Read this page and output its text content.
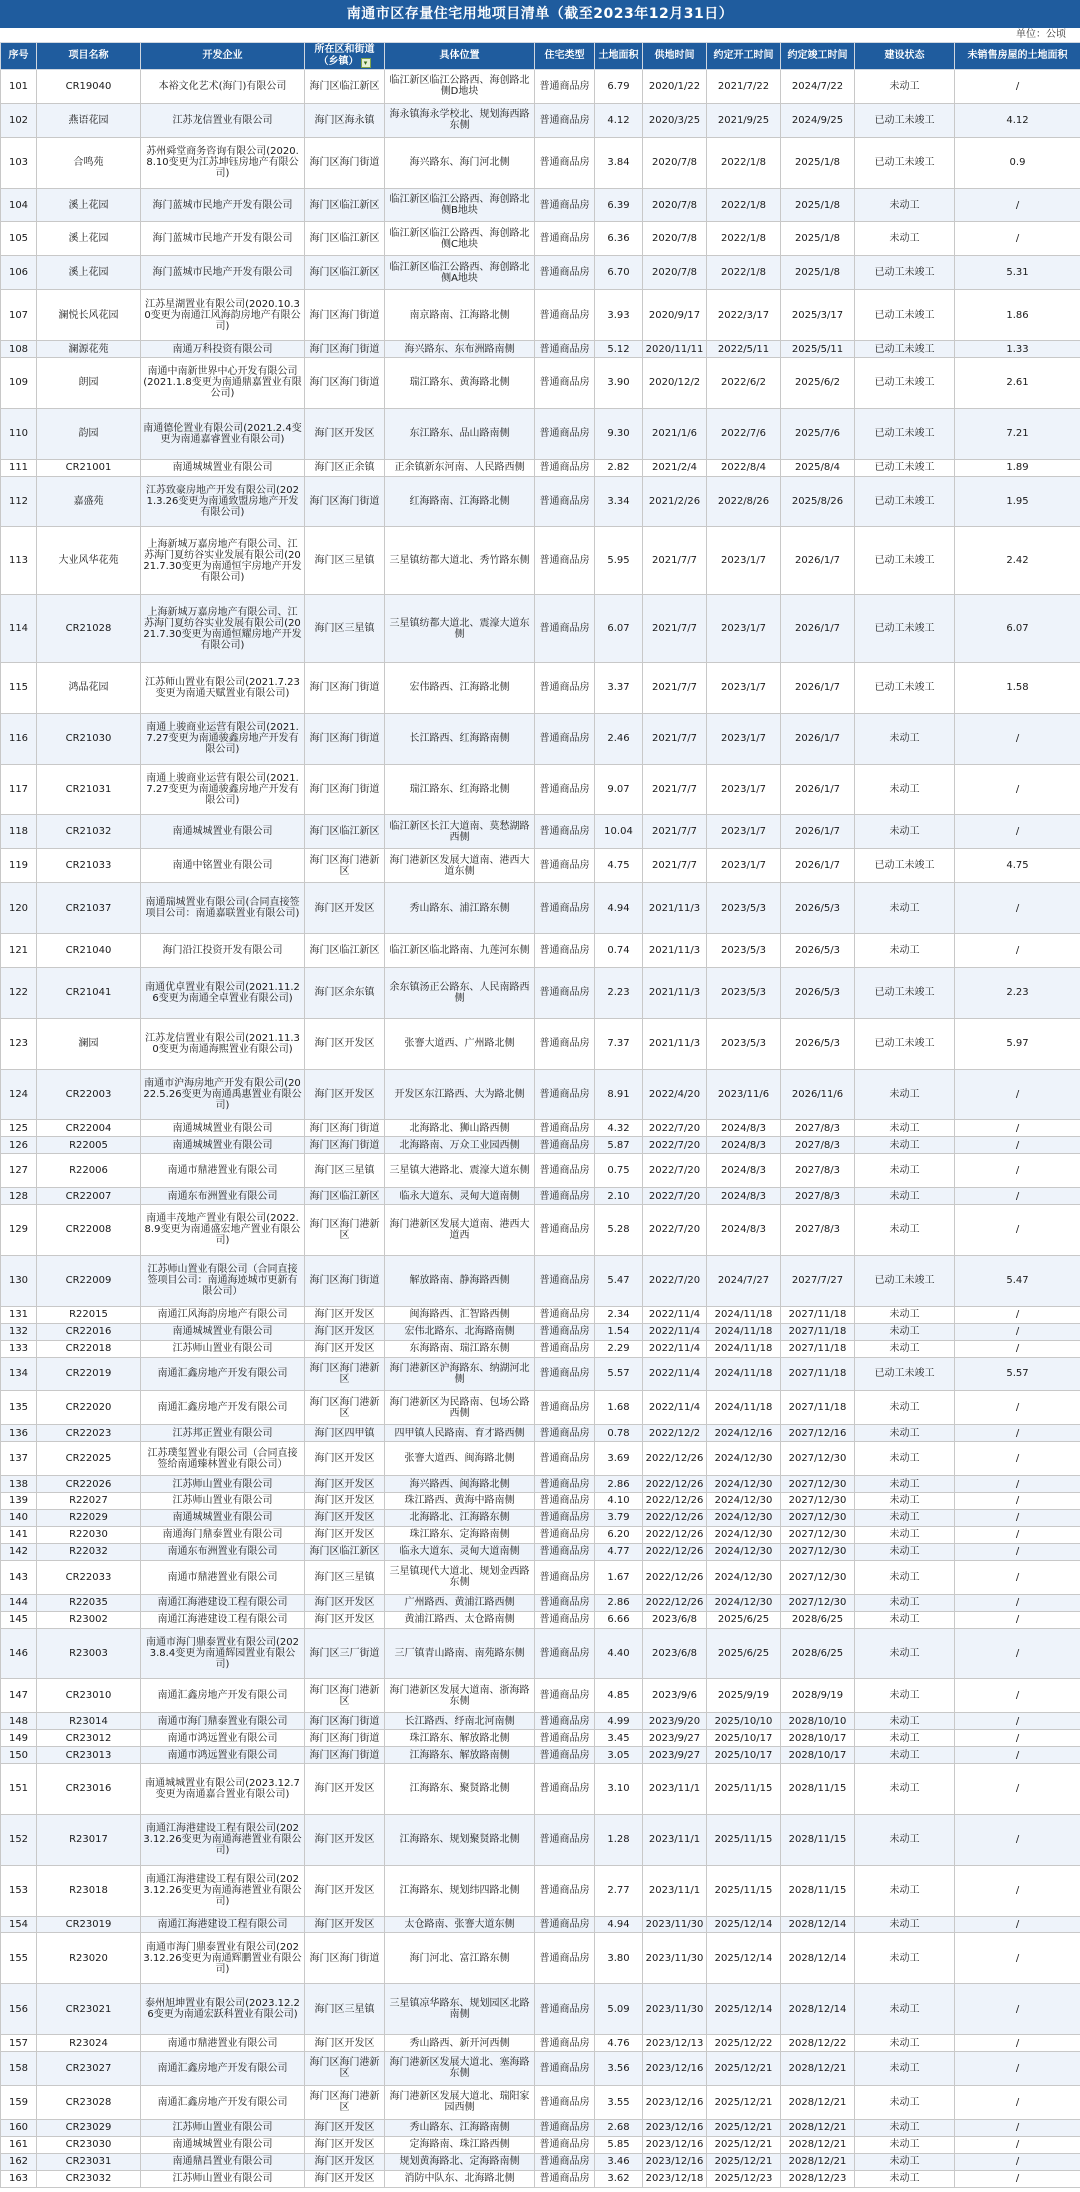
南通市区存量住宅用地项目清单（截至2023年12月31日）
单位：公顷
序号	项目名称	开发企业	所在区和街道（乡镇） ▾	具体位置	住宅类型	土地面积	供地时间	约定开工时间	约定竣工时间	建设状态	未销售房屋的土地面积
101	CR19040	本裕文化艺术(海门)有限公司	海门区临江新区	临江新区临江公路西、海创路北侧D地块	普通商品房	6.79	2020/1/22	2021/7/22	2024/7/22	未动工	/
102	燕语花园	江苏龙信置业有限公司	海门区海永镇	海永镇海永学校北、规划海西路东侧	普通商品房	4.12	2020/3/25	2021/9/25	2024/9/25	已动工未竣工	4.12
103	合鸣苑	苏州舜堂商务咨询有限公司(2020.8.10变更为江苏坤钰房地产有限公司)	海门区海门街道	海兴路东、海门河北侧	普通商品房	3.84	2020/7/8	2022/1/8	2025/1/8	已动工未竣工	0.9
104	溪上花园	海门蓝城市民地产开发有限公司	海门区临江新区	临江新区临江公路西、海创路北侧B地块	普通商品房	6.39	2020/7/8	2022/1/8	2025/1/8	未动工	/
105	溪上花园	海门蓝城市民地产开发有限公司	海门区临江新区	临江新区临江公路西、海创路北侧C地块	普通商品房	6.36	2020/7/8	2022/1/8	2025/1/8	未动工	/
106	溪上花园	海门蓝城市民地产开发有限公司	海门区临江新区	临江新区临江公路西、海创路北侧A地块	普通商品房	6.70	2020/7/8	2022/1/8	2025/1/8	已动工未竣工	5.31
107	澜悦长风花园	江苏星湖置业有限公司(2020.10.30变更为南通江风海韵房地产有限公司)	海门区海门街道	南京路南、江海路北侧	普通商品房	3.93	2020/9/17	2022/3/17	2025/3/17	已动工未竣工	1.86
108	澜源花苑	南通万科投资有限公司	海门区海门街道	海兴路东、东布洲路南侧	普通商品房	5.12	2020/11/11	2022/5/11	2025/5/11	已动工未竣工	1.33
109	朗园	南通中南新世界中心开发有限公司(2021.1.8变更为南通鼎嘉置业有限公司)	海门区海门街道	瑞江路东、黄海路北侧	普通商品房	3.90	2020/12/2	2022/6/2	2025/6/2	已动工未竣工	2.61
110	韵园	南通德伦置业有限公司(2021.2.4变更为南通嘉睿置业有限公司)	海门区开发区	东江路东、品山路南侧	普通商品房	9.30	2021/1/6	2022/7/6	2025/7/6	已动工未竣工	7.21
111	CR21001	南通城城置业有限公司	海门区正余镇	正余镇新东河南、人民路西侧	普通商品房	2.82	2021/2/4	2022/8/4	2025/8/4	已动工未竣工	1.89
112	嘉盛苑	江苏致豪房地产开发有限公司(2021.3.26变更为南通致盟房地产开发有限公司)	海门区海门街道	红海路南、江海路北侧	普通商品房	3.34	2021/2/26	2022/8/26	2025/8/26	已动工未竣工	1.95
113	大业风华花苑	上海新城万嘉房地产有限公司、江苏海门夏纺谷实业发展有限公司(2021.7.30变更为南通恒宇房地产开发有限公司)	海门区三星镇	三星镇纺都大道北、秀竹路东侧	普通商品房	5.95	2021/7/7	2023/1/7	2026/1/7	已动工未竣工	2.42
114	CR21028	上海新城万嘉房地产有限公司、江苏海门夏纺谷实业发展有限公司(2021.7.30变更为南通恒耀房地产开发有限公司)	海门区三星镇	三星镇纺都大道北、震濠大道东侧	普通商品房	6.07	2021/7/7	2023/1/7	2026/1/7	已动工未竣工	6.07
115	鸿晶花园	江苏师山置业有限公司(2021.7.23变更为南通天赋置业有限公司)	海门区海门街道	宏伟路西、江海路北侧	普通商品房	3.37	2021/7/7	2023/1/7	2026/1/7	已动工未竣工	1.58
116	CR21030	南通上骏商业运营有限公司(2021.7.27变更为南通骏鑫房地产开发有限公司)	海门区海门街道	长江路西、红海路南侧	普通商品房	2.46	2021/7/7	2023/1/7	2026/1/7	未动工	/
117	CR21031	南通上骏商业运营有限公司(2021.7.27变更为南通骏鑫房地产开发有限公司)	海门区海门街道	瑞江路东、红海路北侧	普通商品房	9.07	2021/7/7	2023/1/7	2026/1/7	未动工	/
118	CR21032	南通城城置业有限公司	海门区临江新区	临江新区长江大道南、莫愁湖路西侧	普通商品房	10.04	2021/7/7	2023/1/7	2026/1/7	未动工	/
119	CR21033	南通中铭置业有限公司	海门区海门港新区	海门港新区发展大道南、港西大道东侧	普通商品房	4.75	2021/7/7	2023/1/7	2026/1/7	已动工未竣工	4.75
120	CR21037	南通瑞城置业有限公司(合同直接签项目公司：南通嘉联置业有限公司)	海门区开发区	秀山路东、浦江路东侧	普通商品房	4.94	2021/11/3	2023/5/3	2026/5/3	未动工	/
121	CR21040	海门沿江投资开发有限公司	海门区临江新区	临江新区临北路南、九莲河东侧	普通商品房	0.74	2021/11/3	2023/5/3	2026/5/3	未动工	/
122	CR21041	南通优卓置业有限公司(2021.11.26变更为南通全卓置业有限公司)	海门区余东镇	余东镇汤正公路东、人民南路西侧	普通商品房	2.23	2021/11/3	2023/5/3	2026/5/3	已动工未竣工	2.23
123	澜园	江苏龙信置业有限公司(2021.11.30变更为南通海熙置业有限公司)	海门区开发区	张謇大道西、广州路北侧	普通商品房	7.37	2021/11/3	2023/5/3	2026/5/3	已动工未竣工	5.97
124	CR22003	南通市沪海房地产开发有限公司(2022.5.26变更为南通禹惠置业有限公司)	海门区开发区	开发区东江路西、大为路北侧	普通商品房	8.91	2022/4/20	2023/11/6	2026/11/6	未动工	/
125	CR22004	南通城城置业有限公司	海门区海门街道	北海路北、狮山路西侧	普通商品房	4.32	2022/7/20	2024/8/3	2027/8/3	未动工	/
126	R22005	南通城城置业有限公司	海门区海门街道	北海路南、万众工业园西侧	普通商品房	5.87	2022/7/20	2024/8/3	2027/8/3	未动工	/
127	R22006	南通市鼎港置业有限公司	海门区三星镇	三星镇大港路北、震濠大道东侧	普通商品房	0.75	2022/7/20	2024/8/3	2027/8/3	未动工	/
128	CR22007	南通东布洲置业有限公司	海门区临江新区	临永大道东、灵甸大道南侧	普通商品房	2.10	2022/7/20	2024/8/3	2027/8/3	未动工	/
129	CR22008	南通丰茂地产置业有限公司(2022.8.9变更为南通盛宏地产置业有限公司)	海门区海门港新区	海门港新区发展大道南、港西大道西	普通商品房	5.28	2022/7/20	2024/8/3	2027/8/3	未动工	/
130	CR22009	江苏师山置业有限公司（合同直接签项目公司：南通海迹城市更新有限公司）	海门区海门街道	解放路南、静海路西侧	普通商品房	5.47	2022/7/20	2024/7/27	2027/7/27	已动工未竣工	5.47
131	R22015	南通江风海韵房地产有限公司	海门区开发区	闽海路西、汇智路西侧	普通商品房	2.34	2022/11/4	2024/11/18	2027/11/18	未动工	/
132	CR22016	南通城城置业有限公司	海门区开发区	宏伟北路东、北海路南侧	普通商品房	1.54	2022/11/4	2024/11/18	2027/11/18	未动工	/
133	CR22018	江苏师山置业有限公司	海门区开发区	东海路南、瑞江路东侧	普通商品房	2.29	2022/11/4	2024/11/18	2027/11/18	未动工	/
134	CR22019	南通汇鑫房地产开发有限公司	海门区海门港新区	海门港新区沪海路东、纳湖河北侧	普通商品房	5.57	2022/11/4	2024/11/18	2027/11/18	已动工未竣工	5.57
135	CR22020	南通汇鑫房地产开发有限公司	海门区海门港新区	海门港新区为民路南、包场公路西侧	普通商品房	1.68	2022/11/4	2024/11/18	2027/11/18	未动工	/
136	CR22023	江苏邦正置业有限公司	海门区四甲镇	四甲镇人民路南、育才路西侧	普通商品房	0.78	2022/12/2	2024/12/16	2027/12/16	未动工	/
137	CR22025	江苏璞玺置业有限公司（合同直接签给南通臻林置业有限公司）	海门区开发区	张謇大道西、闽海路北侧	普通商品房	3.69	2022/12/26	2024/12/30	2027/12/30	未动工	/
138	CR22026	江苏师山置业有限公司	海门区开发区	海兴路西、闽海路北侧	普通商品房	2.86	2022/12/26	2024/12/30	2027/12/30	未动工	/
139	R22027	江苏师山置业有限公司	海门区开发区	珠江路西、黄海中路南侧	普通商品房	4.10	2022/12/26	2024/12/30	2027/12/30	未动工	/
140	R22029	南通城城置业有限公司	海门区开发区	北海路北、江海路东侧	普通商品房	3.79	2022/12/26	2024/12/30	2027/12/30	未动工	/
141	R22030	南通海门鼎泰置业有限公司	海门区开发区	珠江路东、定海路南侧	普通商品房	6.20	2022/12/26	2024/12/30	2027/12/30	未动工	/
142	R22032	南通东布洲置业有限公司	海门区临江新区	临永大道东、灵甸大道南侧	普通商品房	4.77	2022/12/26	2024/12/30	2027/12/30	未动工	/
143	CR22033	南通市鼎港置业有限公司	海门区三星镇	三星镇现代大道北、规划金西路东侧	普通商品房	1.67	2022/12/26	2024/12/30	2027/12/30	未动工	/
144	R22035	南通江海港建设工程有限公司	海门区开发区	广州路西、黄浦江路西侧	普通商品房	2.86	2022/12/26	2024/12/30	2027/12/30	未动工	/
145	R23002	南通江海港建设工程有限公司	海门区开发区	黄浦江路西、太仓路南侧	普通商品房	6.66	2023/6/8	2025/6/25	2028/6/25	未动工	/
146	R23003	南通市海门鼎泰置业有限公司(2023.8.4变更为南通辉园置业有限公司)	海门区三厂街道	三厂镇青山路南、南苑路东侧	普通商品房	4.40	2023/6/8	2025/6/25	2028/6/25	未动工	/
147	CR23010	南通汇鑫房地产开发有限公司	海门区海门港新区	海门港新区发展大道南、浙海路东侧	普通商品房	4.85	2023/9/6	2025/9/19	2028/9/19	未动工	/
148	R23014	南通市海门鼎泰置业有限公司	海门区海门街道	长江路西、纾南北河南侧	普通商品房	4.99	2023/9/20	2025/10/10	2028/10/10	未动工	/
149	CR23012	南通市鸿远置业有限公司	海门区海门街道	珠江路东、解放路北侧	普通商品房	3.45	2023/9/27	2025/10/17	2028/10/17	未动工	/
150	CR23013	南通市鸿远置业有限公司	海门区海门街道	江海路东、解放路南侧	普通商品房	3.05	2023/9/27	2025/10/17	2028/10/17	未动工	/
151	CR23016	南通城城置业有限公司(2023.12.7变更为南通嘉合置业有限公司)	海门区开发区	江海路东、聚贤路北侧	普通商品房	3.10	2023/11/1	2025/11/15	2028/11/15	未动工	/
152	R23017	南通江海港建设工程有限公司(2023.12.26变更为南通海港置业有限公司)	海门区开发区	江海路东、规划聚贤路北侧	普通商品房	1.28	2023/11/1	2025/11/15	2028/11/15	未动工	/
153	R23018	南通江海港建设工程有限公司(2023.12.26变更为南通海港置业有限公司)	海门区开发区	江海路东、规划纬四路北侧	普通商品房	2.77	2023/11/1	2025/11/15	2028/11/15	未动工	/
154	CR23019	南通江海港建设工程有限公司	海门区开发区	太仓路南、张謇大道东侧	普通商品房	4.94	2023/11/30	2025/12/14	2028/12/14	未动工	/
155	R23020	南通市海门鼎泰置业有限公司(2023.12.26变更为南通辉鹏置业有限公司)	海门区海门街道	海门河北、富江路东侧	普通商品房	3.80	2023/11/30	2025/12/14	2028/12/14	未动工	/
156	CR23021	泰州旭坤置业有限公司(2023.12.26变更为南通宏跃科置业有限公司)	海门区三星镇	三星镇凉华路东、规划园区北路南侧	普通商品房	5.09	2023/11/30	2025/12/14	2028/12/14	未动工	/
157	R23024	南通市鼎港置业有限公司	海门区开发区	秀山路西、新开河西侧	普通商品房	4.76	2023/12/13	2025/12/22	2028/12/22	未动工	/
158	CR23027	南通汇鑫房地产开发有限公司	海门区海门港新区	海门港新区发展大道北、塞海路东侧	普通商品房	3.56	2023/12/16	2025/12/21	2028/12/21	未动工	/
159	CR23028	南通汇鑫房地产开发有限公司	海门区海门港新区	海门港新区发展大道北、瑞阳家园西侧	普通商品房	3.55	2023/12/16	2025/12/21	2028/12/21	未动工	/
160	CR23029	江苏师山置业有限公司	海门区开发区	秀山路东、江海路南侧	普通商品房	2.68	2023/12/16	2025/12/21	2028/12/21	未动工	/
161	CR23030	南通城城置业有限公司	海门区开发区	定海路南、珠江路西侧	普通商品房	5.85	2023/12/16	2025/12/21	2028/12/21	未动工	/
162	CR23031	南通鼎昌置业有限公司	海门区开发区	规划黄海路北、定海路南侧	普通商品房	3.46	2023/12/16	2025/12/21	2028/12/21	未动工	/
163	CR23032	江苏师山置业有限公司	海门区开发区	消防中队东、北海路北侧	普通商品房	3.62	2023/12/18	2025/12/23	2028/12/23	未动工	/
